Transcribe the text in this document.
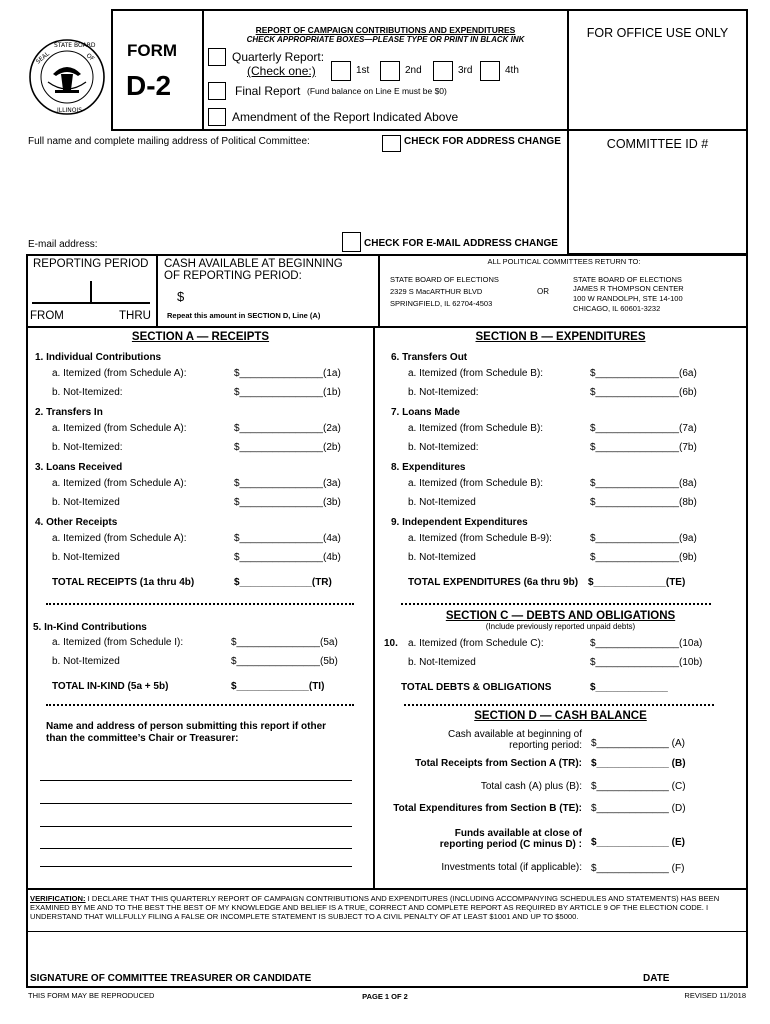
SEAL
STATE BOARD
OF
ILLINOIS
FORM
D-2
REPORT OF CAMPAIGN CONTRIBUTIONS AND EXPENDITURES
CHECK APPROPRIATE BOXES—PLEASE TYPE OR PRINT IN BLACK INK
Quarterly Report:
(Check one:)	1st	2nd	3rd	4th
Final Report (Fund balance on Line E must be $0)
Amendment of the Report Indicated Above
FOR OFFICE USE ONLY
Full name and complete mailing address of Political Committee:	CHECK FOR ADDRESS CHANGE	COMMITTEE ID #
E-mail address:	CHECK FOR E-MAIL ADDRESS CHANGE
REPORTING PERIOD
FROM	THRU
CASH AVAILABLE AT BEGINNING
OF REPORTING PERIOD:
$
Repeat this amount in SECTION D, Line (A)
ALL POLITICAL COMMITTEES RETURN TO:
STATE BOARD OF ELECTIONS
2329 S MacARTHUR BLVD
SPRINGFIELD, IL 62704-4503
OR
STATE BOARD OF ELECTIONS
JAMES R THOMPSON CENTER
100 W RANDOLPH, STE 14-100
CHICAGO, IL 60601-3232
SECTION A — RECEIPTS
1. Individual Contributions
a. Itemized (from Schedule A):	$_______________(1a)
b. Not-Itemized:	$_______________(1b)
2. Transfers In
a. Itemized (from Schedule A):	$_______________(2a)
b. Not-Itemized:	$_______________(2b)
3. Loans Received
a. Itemized (from Schedule A):	$_______________(3a)
b. Not-Itemized	$_______________(3b)
4. Other Receipts
a. Itemized (from Schedule A):	$_______________(4a)
b. Not-Itemized	$_______________(4b)
TOTAL RECEIPTS (1a thru 4b)	$_____________(TR)
5. In-Kind Contributions
a. Itemized (from Schedule I):	$_______________(5a)
b. Not-Itemized	$_______________(5b)
TOTAL IN-KIND (5a + 5b)	$_____________(TI)
Name and address of person submitting this report if other
than the committee’s Chair or Treasurer:
SECTION B — EXPENDITURES
6. Transfers Out
a. Itemized (from Schedule B):	$_______________(6a)
b. Not-Itemized:	$_______________(6b)
7. Loans Made
a. Itemized (from Schedule B):	$_______________(7a)
b. Not-Itemized:	$_______________(7b)
8. Expenditures
a. Itemized (from Schedule B):	$_______________(8a)
b. Not-Itemized	$_______________(8b)
9. Independent Expenditures
a. Itemized (from Schedule B-9):	$_______________(9a)
b. Not-Itemized	$_______________(9b)
TOTAL EXPENDITURES (6a thru 9b) $_____________(TE)
SECTION C — DEBTS AND OBLIGATIONS
(Include previously reported unpaid debts)
10. a. Itemized (from Schedule C):	$_______________(10a)
b. Not-Itemized	$_______________(10b)
TOTAL DEBTS & OBLIGATIONS	$_____________
SECTION D — CASH BALANCE
Cash available at beginning of
reporting period: $_____________ (A)
Total Receipts from Section A (TR): $_____________ (B)
Total cash (A) plus (B): $_____________ (C)
Total Expenditures from Section B (TE): $_____________ (D)
Funds available at close of
reporting period (C minus D) : $_____________ (E)
Investments total (if applicable): $_____________ (F)
VERIFICATION: I DECLARE THAT THIS QUARTERLY REPORT OF CAMPAIGN CONTRIBUTIONS AND EXPENDITURES (INCLUDING ACCOMPANYING SCHEDULES AND STATEMENTS) HAS BEEN EXAMINED BY ME AND TO THE BEST THE BEST OF MY KNOWLEDGE AND BELIEF IS A TRUE, CORRECT AND COMPLETE REPORT AS REQUIRED BY ARTICLE 9 OF THE ELECTION CODE. I UNDERSTAND THAT WILLFULLY FILING A FALSE OR INCOMPLETE STATEMENT IS SUBJECT TO A CIVIL PENALTY OF AT LEAST $1001 AND UP TO $5000.
SIGNATURE OF COMMITTEE TREASURER OR CANDIDATE	DATE
THIS FORM MAY BE REPRODUCED	PAGE 1 OF 2	REVISED 11/2018
